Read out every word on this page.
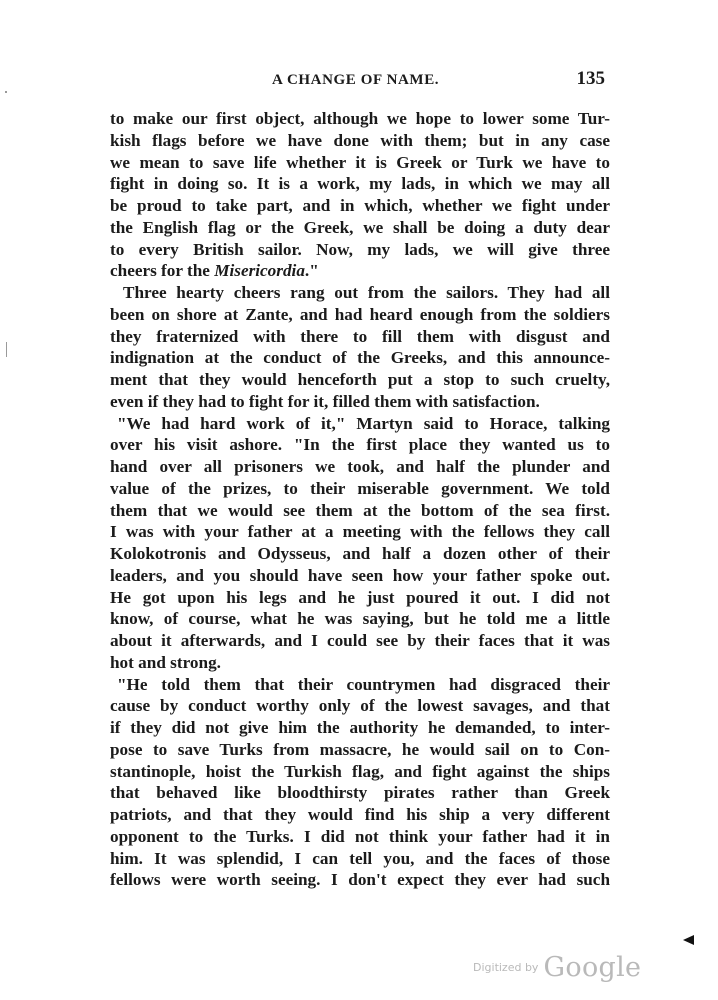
A CHANGE OF NAME.	135
to make our first object, although we hope to lower some Tur-
kish flags before we have done with them; but in any case
we mean to save life whether it is Greek or Turk we have to
fight in doing so. It is a work, my lads, in which we may all
be proud to take part, and in which, whether we fight under
the English flag or the Greek, we shall be doing a duty dear
to every British sailor. Now, my lads, we will give three
cheers for the Misericordia."
Three hearty cheers rang out from the sailors. They had all
been on shore at Zante, and had heard enough from the soldiers
they fraternized with there to fill them with disgust and
indignation at the conduct of the Greeks, and this announce-
ment that they would henceforth put a stop to such cruelty,
even if they had to fight for it, filled them with satisfaction.
"We had hard work of it," Martyn said to Horace, talking
over his visit ashore. "In the first place they wanted us to
hand over all prisoners we took, and half the plunder and
value of the prizes, to their miserable government. We told
them that we would see them at the bottom of the sea first.
I was with your father at a meeting with the fellows they call
Kolokotronis and Odysseus, and half a dozen other of their
leaders, and you should have seen how your father spoke out.
He got upon his legs and he just poured it out. I did not
know, of course, what he was saying, but he told me a little
about it afterwards, and I could see by their faces that it was
hot and strong.
"He told them that their countrymen had disgraced their
cause by conduct worthy only of the lowest savages, and that
if they did not give him the authority he demanded, to inter-
pose to save Turks from massacre, he would sail on to Con-
stantinople, hoist the Turkish flag, and fight against the ships
that behaved like bloodthirsty pirates rather than Greek
patriots, and that they would find his ship a very different
opponent to the Turks. I did not think your father had it in
him. It was splendid, I can tell you, and the faces of those
fellows were worth seeing. I don't expect they ever had such
Digitized by Google
